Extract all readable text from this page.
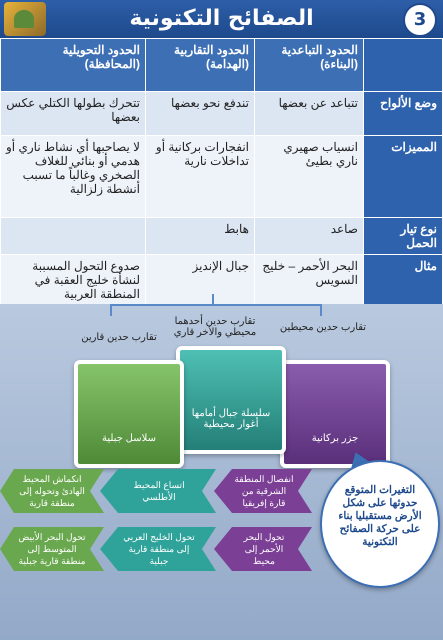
الصفائح التكتونية	3
	الحدود التباعدية (البناءة)	الحدود التقاربية (الهدامة)	الحدود التحويلية (المحافظة)
وضع الألواح	تتباعد عن بعضها	تندفع نحو بعضها	تتحرك بطولها الكتلي عكس بعضها
المميزات	انسياب صهيري ناري بطيئ	انفجارات بركانية أو تداخلات نارية	لا يصاحبها أي نشاط ناري أو هدمي أو بنائي للغلاف الصخري وغالباً ما تسبب أنشطة زلزالية
نوع تيار الحمل	صاعد	هابط	
مثال	البحر الأحمر – خليج السويس	جبال الإنديز	صدوع التحول المسببة لنشأة خليج العقبة في المنطقة العربية
تقارب حدين محيطين
تقارب حدين أحدهما محيطي والأخر قاري
تقارب حدين قارين
جزر بركانية
سلسلة جبال أمامها أغوار محيطية
سلاسل جبلية
انفصال المنطقة الشرقية من قارة إفريقيا
اتساع المحيط الأطلسي
انكماش المحيط الهادئ وتحوله إلى منطقة قارية
تحول البحر الأحمر إلى محيط
تحول الخليج العربي إلى منطقة قارية جبلية
تحول البحر الأبيض المتوسط إلى منطقة قارية جبلية
التغيرات المتوقع حدوثها على شكل الأرض مستقبليا بناء على حركة الصفائح التكتونية
